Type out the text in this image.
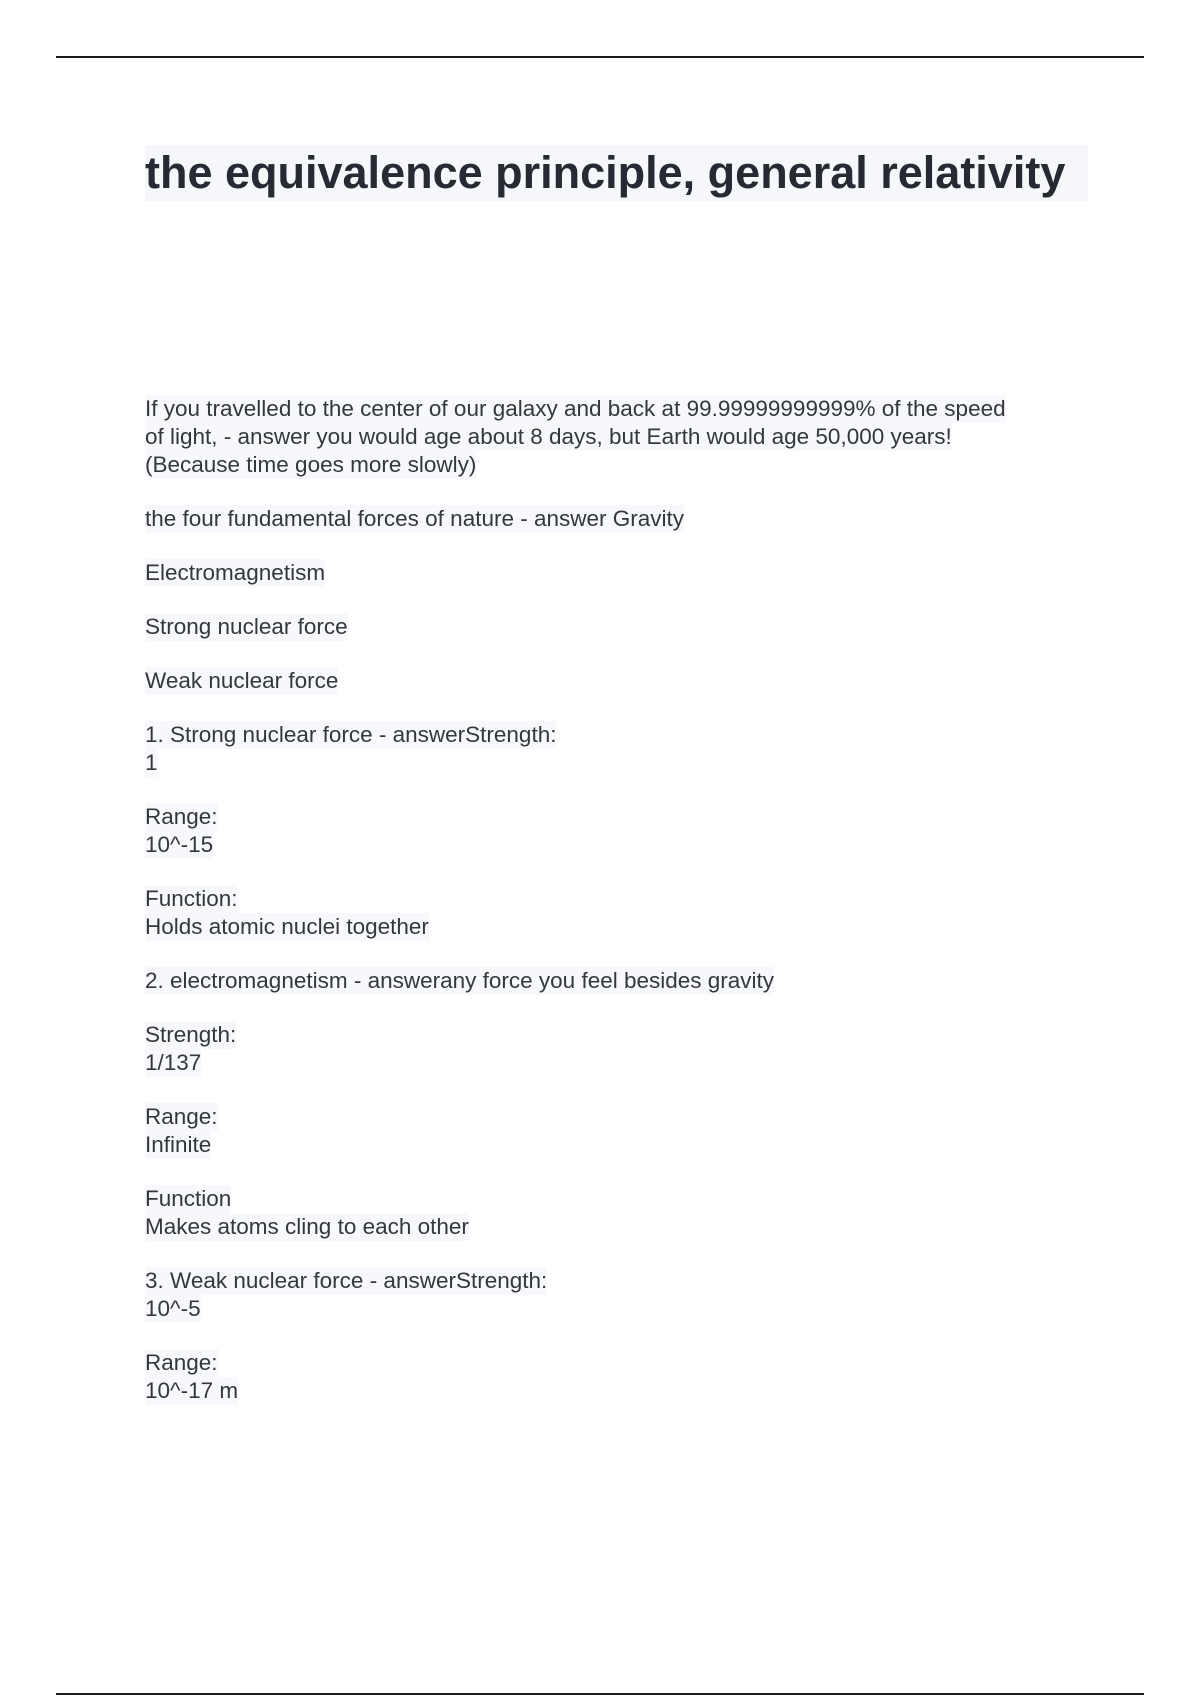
the equivalence principle, general relativity
If you travelled to the center of our galaxy and back at 99.99999999999% of the speed
of light, - answer you would age about 8 days, but Earth would age 50,000 years!
(Because time goes more slowly)
the four fundamental forces of nature - answer Gravity
Electromagnetism
Strong nuclear force
Weak nuclear force
1. Strong nuclear force - answerStrength:
1
Range:
10^-15
Function:
Holds atomic nuclei together
2. electromagnetism - answerany force you feel besides gravity
Strength:
1/137
Range:
Infinite
Function
Makes atoms cling to each other
3. Weak nuclear force - answerStrength:
10^-5
Range:
10^-17 m
